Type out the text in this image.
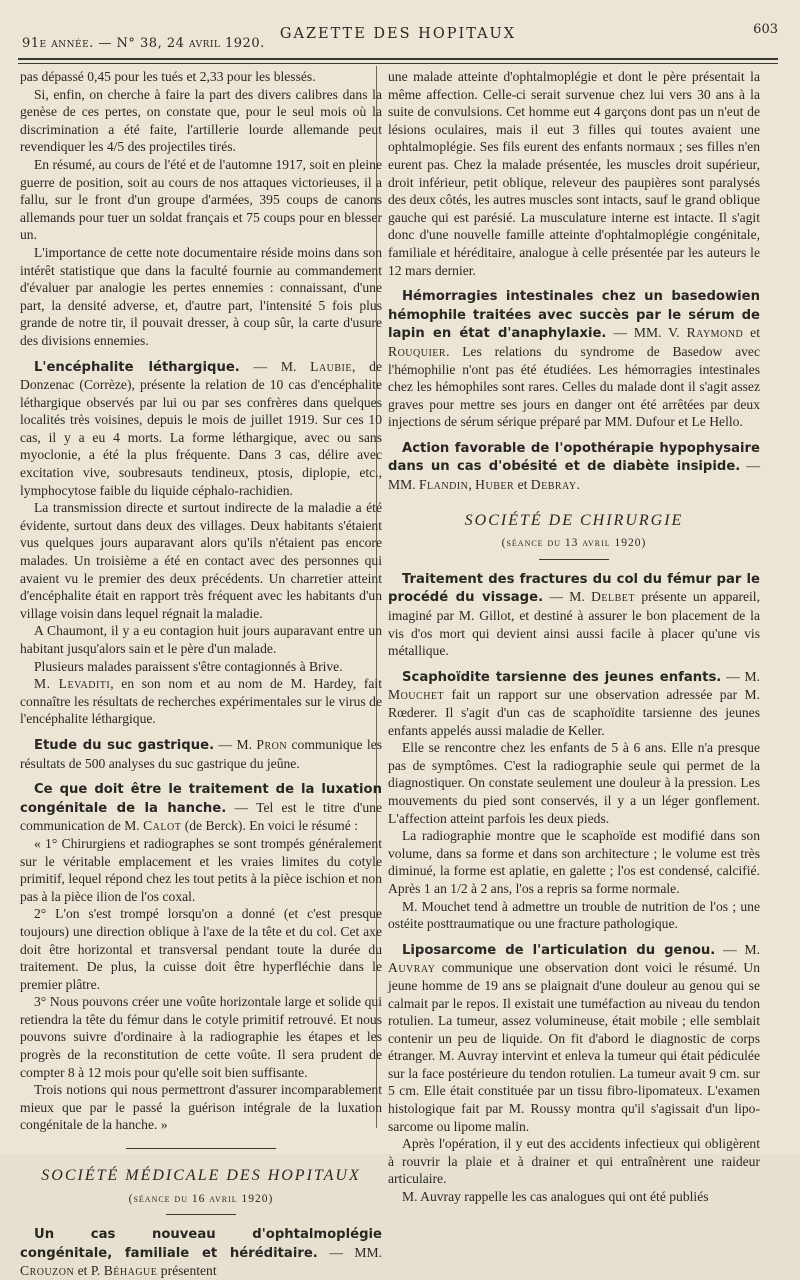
91e année. — N° 38, 24 avril 1920.
GAZETTE DES HOPITAUX	603

pas dépassé 0,45 pour les tués et 2,33 pour les blessés.

Si, enfin, on cherche à faire la part des divers calibres dans la genèse de ces pertes, on constate que, pour le seul mois où la discrimination a été faite, l'artillerie lourde allemande peut revendiquer les 4/5 des projectiles tirés.

En résumé, au cours de l'été et de l'automne 1917, soit en pleine guerre de position, soit au cours de nos attaques victorieuses, il a fallu, sur le front d'un groupe d'armées, 395 coups de canons allemands pour tuer un soldat français et 75 coups pour en blesser un.

L'importance de cette note documentaire réside moins dans son intérêt statistique que dans la faculté fournie au commandement d'évaluer par analogie les pertes ennemies : connaissant, d'une part, la densité adverse, et, d'autre part, l'intensité 5 fois plus grande de notre tir, il pouvait dresser, à coup sûr, la carte d'usure des divisions ennemies.

L'encéphalite léthargique. — M. Laubie, de Donzenac (Corrèze), présente la relation de 10 cas d'encéphalite léthargique observés par lui ou par ses confrères dans quelques localités très voisines, depuis le mois de juillet 1919. Sur ces 10 cas, il y a eu 4 morts. La forme léthargique, avec ou sans myoclonie, a été la plus fréquente. Dans 3 cas, délire avec excitation vive, soubresauts tendineux, ptosis, diplopie, etc., lymphocytose faible du liquide céphalo-rachidien.

La transmission directe et surtout indirecte de la maladie a été évidente, surtout dans deux des villages. Deux habitants s'étaient vus quelques jours auparavant alors qu'ils n'étaient pas encore malades. Un troisième a été en contact avec des personnes qui avaient vu le premier des deux précédents. Un charretier atteint d'encéphalite était en rapport très fréquent avec les habitants d'un village voisin dans lequel régnait la maladie.

A Chaumont, il y a eu contagion huit jours auparavant entre un habitant jusqu'alors sain et le père d'un malade.

Plusieurs malades paraissent s'être contagionnés à Brive.

M. Levaditi, en son nom et au nom de M. Hardey, fait connaître les résultats de recherches expérimentales sur le virus de l'encéphalite léthargique.

Etude du suc gastrique. — M. Pron communique les résultats de 500 analyses du suc gastrique du jeûne.

Ce que doit être le traitement de la luxation congénitale de la hanche. — Tel est le titre d'une communication de M. Calot (de Berck). En voici le résumé :

« 1° Chirurgiens et radiographes se sont trompés généralement sur le véritable emplacement et les vraies limites du cotyle primitif, lequel répond chez les tout petits à la pièce ischion et non pas à la pièce ilion de l'os coxal.

2° L'on s'est trompé lorsqu'on a donné (et c'est presque toujours) une direction oblique à l'axe de la tête et du col. Cet axe doit être horizontal et transversal pendant toute la durée du traitement. De plus, la cuisse doit être hyperfléchie dans le premier plâtre.

3° Nous pouvons créer une voûte horizontale large et solide qui retiendra la tête du fémur dans le cotyle primitif retrouvé. Et nous pouvons suivre d'ordinaire à la radiographie les étapes et les progrès de la reconstitution de cette voûte. Il sera prudent de compter 8 à 12 mois pour qu'elle soit bien suffisante.

Trois notions qui nous permettront d'assurer incomparablement mieux que par le passé la guérison intégrale de la luxation congénitale de la hanche. »

SOCIÉTÉ MÉDICALE DES HOPITAUX
(séance du 16 avril 1920)

Un cas nouveau d'ophtalmoplégie congénitale, familiale et héréditaire. — MM. Crouzon et P. Béhague présentent

une malade atteinte d'ophtalmoplégie et dont le père présentait la même affection. Celle-ci serait survenue chez lui vers 30 ans à la suite de convulsions. Cet homme eut 4 garçons dont pas un n'eut de lésions oculaires, mais il eut 3 filles qui toutes avaient une ophtalmoplégie. Ses fils eurent des enfants normaux ; ses filles n'en eurent pas. Chez la malade présentée, les muscles droit supérieur, droit inférieur, petit oblique, releveur des paupières sont paralysés des deux côtés, les autres muscles sont intacts, sauf le grand oblique gauche qui est parésié. La musculature interne est intacte. Il s'agit donc d'une nouvelle famille atteinte d'ophtalmoplégie congénitale, familiale et héréditaire, analogue à celle présentée par les auteurs le 12 mars dernier.

Hémorragies intestinales chez un basedowien hémophile traitées avec succès par le sérum de lapin en état d'anaphylaxie. — MM. V. Raymond et Rouquier. Les relations du syndrome de Basedow avec l'hémophilie n'ont pas été étudiées. Les hémorragies intestinales chez les hémophiles sont rares. Celles du malade dont il s'agit assez graves pour mettre ses jours en danger ont été arrêtées par deux injections de sérum sérique préparé par MM. Dufour et Le Hello.

Action favorable de l'opothérapie hypophysaire dans un cas d'obésité et de diabète insipide. — MM. Flandin, Huber et Debray.

SOCIÉTÉ DE CHIRURGIE
(séance du 13 avril 1920)

Traitement des fractures du col du fémur par le procédé du vissage. — M. Delbet présente un appareil, imaginé par M. Gillot, et destiné à assurer le bon placement de la vis d'os mort qui devient ainsi aussi facile à placer qu'une vis métallique.

Scaphoïdite tarsienne des jeunes enfants. — M. Mouchet fait un rapport sur une observation adressée par M. Rœderer. Il s'agit d'un cas de scaphoïdite tarsienne des jeunes enfants appelés aussi maladie de Keller.

Elle se rencontre chez les enfants de 5 à 6 ans. Elle n'a presque pas de symptômes. C'est la radiographie seule qui permet de la diagnostiquer. On constate seulement une douleur à la pression. Les mouvements du pied sont conservés, il y a un léger gonflement. L'affection atteint parfois les deux pieds.

La radiographie montre que le scaphoïde est modifié dans son volume, dans sa forme et dans son architecture ; le volume est très diminué, la forme est aplatie, en galette ; l'os est condensé, calcifié. Après 1 an 1/2 à 2 ans, l'os a repris sa forme normale.

M. Mouchet tend à admettre un trouble de nutrition de l'os ; une ostéite posttraumatique ou une fracture pathologique.

Liposarcome de l'articulation du genou. — M. Auvray communique une observation dont voici le résumé. Un jeune homme de 19 ans se plaignait d'une douleur au genou qui se calmait par le repos. Il existait une tuméfaction au niveau du tendon rotulien. La tumeur, assez volumineuse, était mobile ; elle semblait contenir un peu de liquide. On fit d'abord le diagnostic de corps étranger. M. Auvray intervint et enleva la tumeur qui était pédiculée sur la face postérieure du tendon rotulien. La tumeur avait 9 cm. sur 5 cm. Elle était constituée par un tissu fibro-lipomateux. L'examen histologique fait par M. Roussy montra qu'il s'agissait d'un lipo-sarcome ou lipome malin.

Après l'opération, il y eut des accidents infectieux qui obligèrent à rouvrir la plaie et à drainer et qui entraînèrent une raideur articulaire.

M. Auvray rappelle les cas analogues qui ont été publiés
